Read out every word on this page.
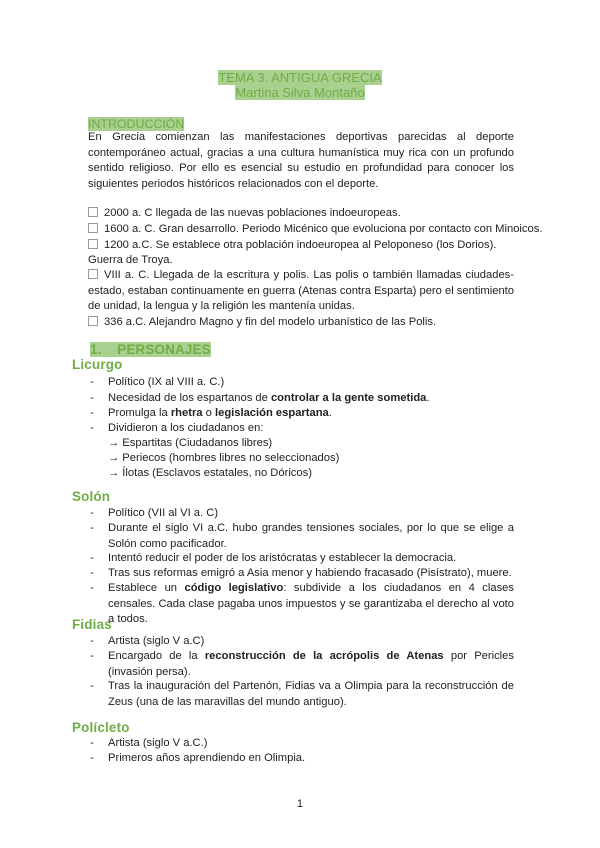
TEMA 3. ANTIGUA GRECIA
Martina Silva Montaño
INTRODUCCIÓN
En Grecia comienzan las manifestaciones deportivas parecidas al deporte contemporáneo actual, gracias a una cultura humanística muy rica con un profundo sentido religioso. Por ello es esencial su estudio en profundidad para conocer los siguientes periodos históricos relacionados con el deporte.
2000 a. C llegada de las nuevas poblaciones indoeuropeas.
1600 a. C. Gran desarrollo. Periodo Micénico que evoluciona por contacto con Minoicos.
1200 a.C. Se establece otra población indoeuropea al Peloponeso (los Dorios).
Guerra de Troya.
VIII a. C. Llegada de la escritura y polis. Las polis o también llamadas ciudades-estado, estaban continuamente en guerra (Atenas contra Esparta) pero el sentimiento de unidad, la lengua y la religión les mantenía unidas.
336 a.C. Alejandro Magno y fin del modelo urbanístico de las Polis.
1. PERSONAJES
Licurgo
-	Político (IX al VIII a. C.)
-	Necesidad de los espartanos de controlar a la gente sometida.
-	Promulga la rhetra o legislación espartana.
-	Dividieron a los ciudadanos en:
→ Espartitas (Ciudadanos libres)
→ Periecos (hombres libres no seleccionados)
→ Ílotas (Esclavos estatales, no Dóricos)
Solón
-	Político (VII al VI a. C)
-	Durante el siglo VI a.C. hubo grandes tensiones sociales, por lo que se elige a Solón como pacificador.
-	Intentó reducir el poder de los aristócratas y establecer la democracia.
-	Tras sus reformas emigró a Asia menor y habiendo fracasado (Pisístrato), muere.
-	Establece un código legislativo: subdivide a los ciudadanos en 4 clases censales. Cada clase pagaba unos impuestos y se garantizaba el derecho al voto a todos.
Fidias
-	Artista (siglo V a.C)
-	Encargado de la reconstrucción de la acrópolis de Atenas por Pericles (invasión persa).
-	Tras la inauguración del Partenón, Fidias va a Olimpia para la reconstrucción de Zeus (una de las maravillas del mundo antiguo).
Polícleto
-	Artista (siglo V a.C.)
-	Primeros años aprendiendo en Olimpia.
1
